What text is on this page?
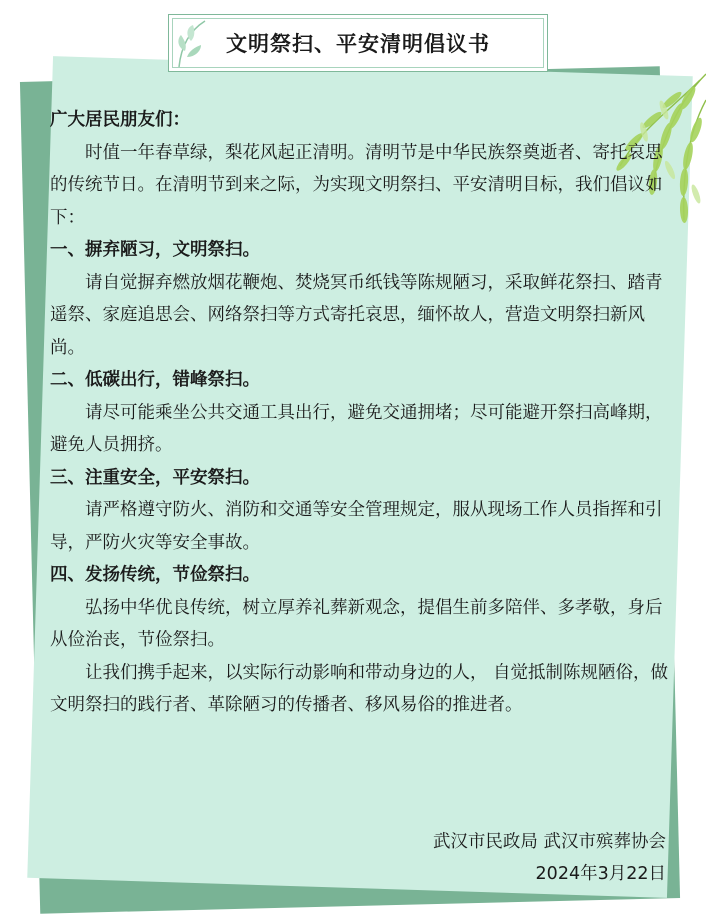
文明祭扫、平安清明倡议书

广大居民朋友们：

时值一年春草绿，梨花风起正清明。清明节是中华民族祭奠逝者、寄托哀思的传统节日。在清明节到来之际，为实现文明祭扫、平安清明目标，我们倡议如下：

一、摒弃陋习，文明祭扫。

请自觉摒弃燃放烟花鞭炮、焚烧冥币纸钱等陈规陋习，采取鲜花祭扫、踏青遥祭、家庭追思会、网络祭扫等方式寄托哀思，缅怀故人，营造文明祭扫新风尚。

二、低碳出行，错峰祭扫。

请尽可能乘坐公共交通工具出行，避免交通拥堵；尽可能避开祭扫高峰期，避免人员拥挤。

三、注重安全，平安祭扫。

请严格遵守防火、消防和交通等安全管理规定，服从现场工作人员指挥和引导，严防火灾等安全事故。

四、发扬传统，节俭祭扫。

弘扬中华优良传统，树立厚养礼葬新观念，提倡生前多陪伴、多孝敬，身后从俭治丧，节俭祭扫。

让我们携手起来，以实际行动影响和带动身边的人， 自觉抵制陈规陋俗，做文明祭扫的践行者、革除陋习的传播者、移风易俗的推进者。

武汉市民政局 武汉市殡葬协会
2024年3月22日
